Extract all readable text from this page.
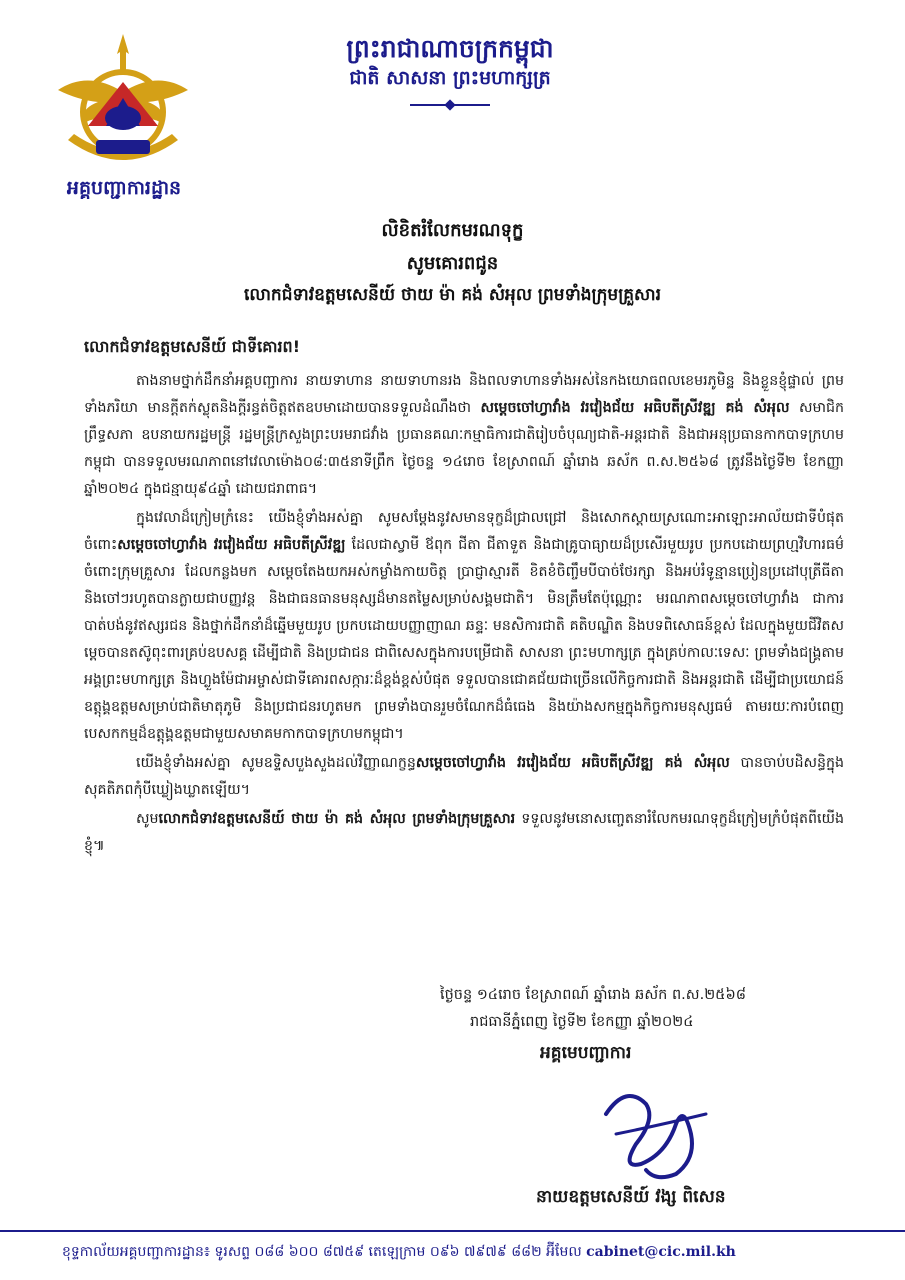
អគ្គបញ្ជាការដ្ឋាន
ព្រះរាជាណាចក្រកម្ពុជា
ជាតិ សាសនា ព្រះមហាក្សត្រ
លិខិតរំលែកមរណទុក្ខ
សូមគោរពជូន
លោកជំទាវឧត្តមសេនីយ៍ ថាយ ម៉ា គង់ សំអុល ព្រមទាំងក្រុមគ្រួសារ
លោកជំទាវឧត្តមសេនីយ៍ ជាទីគោរព!

តាងនាមថ្នាក់ដឹកនាំអគ្គបញ្ជាការ នាយទាហាន នាយទាហានរង និងពលទាហានទាំងអស់នៃកងយោធពលខេមរភូមិន្ទ និងខ្លួនខ្ញុំផ្ទាល់ ព្រមទាំងភរិយា មានក្តីតក់ស្លុតនិងក្តីរន្ធត់ចិត្តឥតឧបមាដោយបានទទួលដំណឹងថា សម្តេចចៅហ្វាវាំង វរវៀងជ័យ អធិបតីស្រីវឌ្ឍ គង់ សំអុល សមាជិកព្រឹទ្ធសភា ឧបនាយករដ្ឋមន្ត្រី រដ្ឋមន្ត្រីក្រសួងព្រះបរមរាជវាំង ប្រធានគណៈកម្មាធិការជាតិរៀបចំបុណ្យជាតិ-អន្តរជាតិ និងជាអនុប្រធានកាកបាទក្រហមកម្ពុជា បានទទួលមរណភាពនៅវេលាម៉ោង០៨:៣៥នាទីព្រឹក ថ្ងៃចន្ទ ១៤រោច ខែស្រាពណ៍ ឆ្នាំរោង ឆស័ក ព.ស.២៥៦៨ ត្រូវនឹងថ្ងៃទី២ ខែកញ្ញា ឆ្នាំ២០២៤ ក្នុងជន្មាយុ៩៤ឆ្នាំ ដោយជរាពាធ។

ក្នុងវេលាដ៏ក្រៀមក្រំនេះ យើងខ្ញុំទាំងអស់គ្នា សូមសម្តែងនូវសមានទុក្ខដ៏ជ្រាលជ្រៅ និងសោកស្តាយស្រណោះអាឡោះអាល័យជាទីបំផុតចំពោះសម្តេចចៅហ្វាវាំង វរវៀងជ័យ អធិបតីស្រីវឌ្ឍ ដែលជាស្វាមី ឪពុក ជីតា ជីតាទួត និងជាគ្រូបាធ្យាយដ៏ប្រសើរមួយរូប ប្រកបដោយព្រហ្មវិហារធម៌ ចំពោះក្រុមគ្រួសារ ដែលកន្លងមក សម្តេចតែងយកអស់កម្លាំងកាយចិត្ត ប្រាជ្ញាស្មារតី ខិតខំចិញ្ចឹមបីបាច់ថែរក្សា និងអប់រំទូន្មានប្រៀនប្រដៅបុត្រីធីតា និងចៅៗរហូតបានក្លាយជាបញ្ញវន្ត និងជាធនធានមនុស្សដ៏មានតម្លៃសម្រាប់សង្គមជាតិ។ មិនត្រឹមតែប៉ុណ្ណោះ មរណភាពសម្តេចចៅហ្វាវាំង ជាការបាត់បង់នូវឥស្សរជន និងថ្នាក់ដឹកនាំដ៏ឆ្នើមមួយរូប ប្រកបដោយបញ្ញាញាណ ឆន្ទៈ មនសិការជាតិ គតិបណ្ឌិត និងបទពិសោធន៍ខ្ពស់ ដែលក្នុងមួយជីវិតសម្តេចបានតស៊ូពុះពារគ្រប់ឧបសគ្គ ដើម្បីជាតិ និងប្រជាជន ជាពិសេសក្នុងការបម្រើជាតិ សាសនា ព្រះមហាក្សត្រ ក្នុងគ្រប់កាលៈទេសៈ ព្រមទាំងជង្គ្រតាមអង្គព្រះមហាក្សត្រ និងហ្លួងម៉ែជាអម្ចាស់ជាទីគោរពសក្ការៈដ៏ខ្ពង់ខ្ពស់បំផុត ទទួលបានជោគជ័យជាច្រើនលើកិច្ចការជាតិ និងអន្តរជាតិ ដើម្បីជាប្រយោជន៍ឧត្តុង្គឧត្តមសម្រាប់ជាតិមាតុភូមិ និងប្រជាជនរហូតមក ព្រមទាំងបានរួមចំណែកដ៏ធំធេង និងយ៉ាងសកម្មក្នុងកិច្ចការមនុស្សធម៌ តាមរយៈការបំពេញបេសកកម្មដ៏ឧត្តុង្គឧត្តមជាមួយសមាគមកាកបាទក្រហមកម្ពុជា។

យើងខ្ញុំទាំងអស់គ្នា សូមឧទ្ទិសបួងសួងដល់វិញ្ញាណក្ខន្ធសម្តេចចៅហ្វាវាំង វរវៀងជ័យ អធិបតីស្រីវឌ្ឍ គង់ សំអុល បានចាប់បដិសន្ធិក្នុងសុគតិភពកុំបីឃ្លៀងឃ្លាតឡើយ។

សូមលោកជំទាវឧត្តមសេនីយ៍ ថាយ ម៉ា គង់ សំអុល ព្រមទាំងក្រុមគ្រួសារ ទទួលនូវមនោសញ្ចេតនារំលែកមរណទុក្ខដ៏ក្រៀមក្រំបំផុតពីយើងខ្ញុំ៕

ថ្ងៃចន្ទ ១៤រោច ខែស្រាពណ៍ ឆ្នាំរោង ឆស័ក ព.ស.២៥៦៨
រាជធានីភ្នំពេញ ថ្ងៃទី២ ខែកញ្ញា ឆ្នាំ២០២៤
អគ្គមេបញ្ជាការ
នាយឧត្តមសេនីយ៍ វង្ស ពិសេន
ខុទ្ទកាល័យអគ្គបញ្ជាការដ្ឋាន៖ ទូរសព្ទ ០៨៨ ៦០០ ៨៧៥៩ តេឡេក្រាម ០៩៦ ៧៩៧៩ ៨៨២ អ៊ីមែល cabinet@cic.mil.kh
